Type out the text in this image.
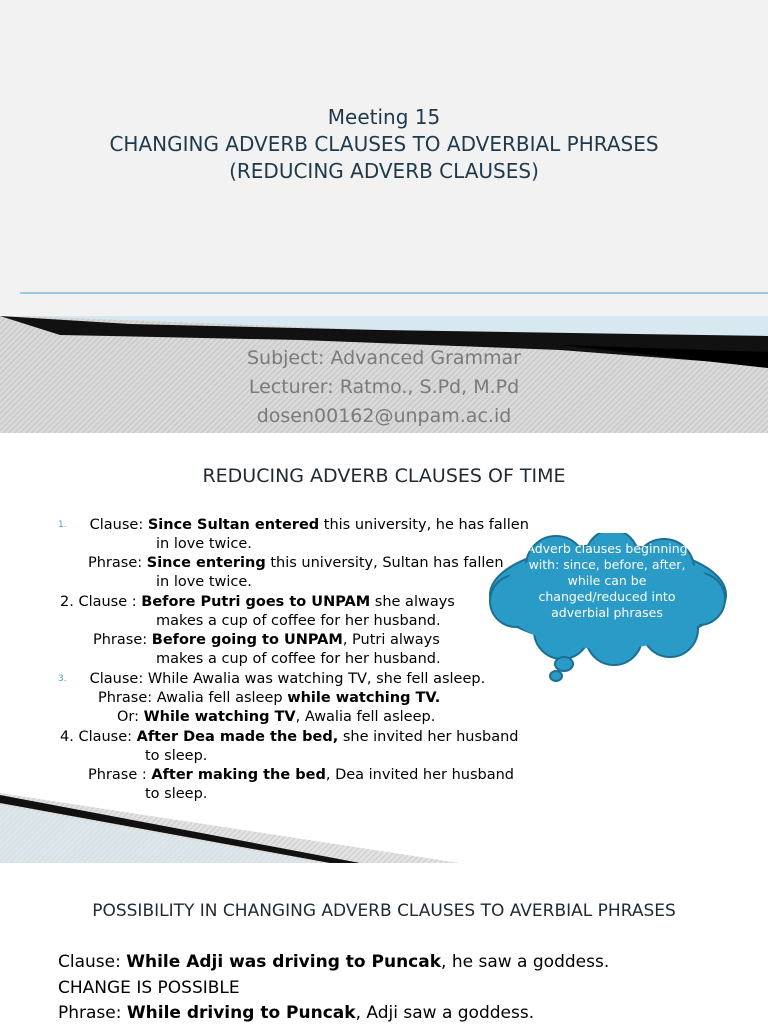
Meeting 15
CHANGING ADVERB CLAUSES TO ADVERBIAL PHRASES
(REDUCING ADVERB CLAUSES)
Subject: Advanced Grammar
Lecturer: Ratmo., S.Pd, M.Pd
dosen00162@unpam.ac.id
REDUCING ADVERB CLAUSES OF TIME
1. Clause: Since Sultan entered this university, he has fallen
in love twice.
Phrase: Since entering this university, Sultan has fallen
in love twice.
2. Clause : Before Putri goes to UNPAM she always
makes a cup of coffee for her husband.
Phrase: Before going to UNPAM, Putri always
makes a cup of coffee for her husband.
3. Clause: While Awalia was watching TV, she fell asleep.
Phrase: Awalia fell asleep while watching TV.
Or: While watching TV, Awalia fell asleep.
4. Clause: After Dea made the bed, she invited her husband
to sleep.
Phrase : After making the bed, Dea invited her husband
to sleep.
Adverb clauses beginning with: since, before, after, while can be changed/reduced into adverbial phrases
POSSIBILITY IN CHANGING ADVERB CLAUSES TO AVERBIAL PHRASES
Clause: While Adji was driving to Puncak, he saw a goddess.
CHANGE IS POSSIBLE
Phrase: While driving to Puncak, Adji saw a goddess.
